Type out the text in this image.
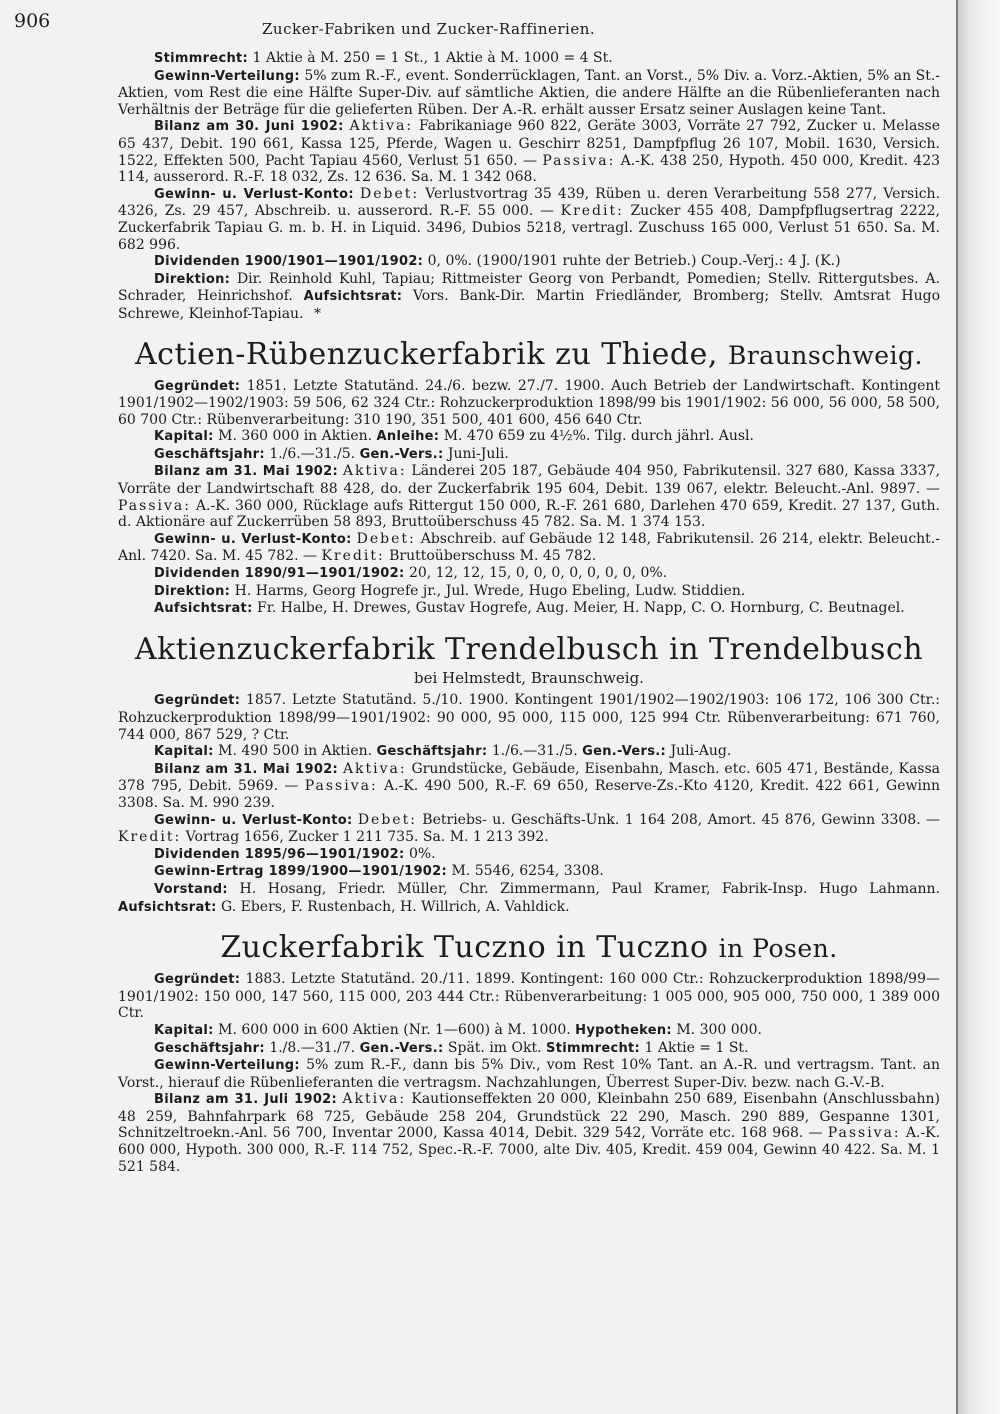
906	Zucker-Fabriken und Zucker-Raffinerien.

Stimmrecht: 1 Aktie à M. 250 = 1 St., 1 Aktie à M. 1000 = 4 St.

Gewinn-Verteilung: 5% zum R.-F., event. Sonderrücklagen, Tant. an Vorst., 5% Div. a. Vorz.-Aktien, 5% an St.-Aktien, vom Rest die eine Hälfte Super-Div. auf sämtliche Aktien, die andere Hälfte an die Rübenlieferanten nach Verhältnis der Beträge für die gelieferten Rüben. Der A.-R. erhält ausser Ersatz seiner Auslagen keine Tant.

Bilanz am 30. Juni 1902: Aktiva: Fabrikaniage 960 822, Geräte 3003, Vorräte 27 792, Zucker u. Melasse 65 437, Debit. 190 661, Kassa 125, Pferde, Wagen u. Geschirr 8251, Dampfpflug 26 107, Mobil. 1630, Versich. 1522, Effekten 500, Pacht Tapiau 4560, Verlust 51 650. — Passiva: A.-K. 438 250, Hypoth. 450 000, Kredit. 423 114, ausserord. R.-F. 18 032, Zs. 12 636. Sa. M. 1 342 068.

Gewinn- u. Verlust-Konto: Debet: Verlustvortrag 35 439, Rüben u. deren Verarbeitung 558 277, Versich. 4326, Zs. 29 457, Abschreib. u. ausserord. R.-F. 55 000. — Kredit: Zucker 455 408, Dampfpflugsertrag 2222, Zuckerfabrik Tapiau G. m. b. H. in Liquid. 3496, Dubios 5218, vertragl. Zuschuss 165 000, Verlust 51 650. Sa. M. 682 996.

Dividenden 1900/1901—1901/1902: 0, 0%. (1900/1901 ruhte der Betrieb.) Coup.-Verj.: 4 J. (K.)

Direktion: Dir. Reinhold Kuhl, Tapiau; Rittmeister Georg von Perbandt, Pomedien; Stellv. Rittergutsbes. A. Schrader, Heinrichshof. Aufsichtsrat: Vors. Bank-Dir. Martin Friedländer, Bromberg; Stellv. Amtsrat Hugo Schrewe, Kleinhof-Tapiau. *

Actien-Rübenzuckerfabrik zu Thiede, Braunschweig.

Gegründet: 1851. Letzte Statutänd. 24./6. bezw. 27./7. 1900. Auch Betrieb der Landwirtschaft. Kontingent 1901/1902—1902/1903: 59 506, 62 324 Ctr.: Rohzuckerproduktion 1898/99 bis 1901/1902: 56 000, 56 000, 58 500, 60 700 Ctr.: Rübenverarbeitung: 310 190, 351 500, 401 600, 456 640 Ctr.

Kapital: M. 360 000 in Aktien. Anleihe: M. 470 659 zu 4½%. Tilg. durch jährl. Ausl.

Geschäftsjahr: 1./6.—31./5. Gen.-Vers.: Juni-Juli.

Bilanz am 31. Mai 1902: Aktiva: Länderei 205 187, Gebäude 404 950, Fabrikutensil. 327 680, Kassa 3337, Vorräte der Landwirtschaft 88 428, do. der Zuckerfabrik 195 604, Debit. 139 067, elektr. Beleucht.-Anl. 9897. — Passiva: A.-K. 360 000, Rücklage aufs Rittergut 150 000, R.-F. 261 680, Darlehen 470 659, Kredit. 27 137, Guth. d. Aktionäre auf Zuckerrüben 58 893, Bruttoüberschuss 45 782. Sa. M. 1 374 153.

Gewinn- u. Verlust-Konto: Debet: Abschreib. auf Gebäude 12 148, Fabrikutensil. 26 214, elektr. Beleucht.-Anl. 7420. Sa. M. 45 782. — Kredit: Bruttoüberschuss M. 45 782.

Dividenden 1890/91—1901/1902: 20, 12, 12, 15, 0, 0, 0, 0, 0, 0, 0, 0%.

Direktion: H. Harms, Georg Hogrefe jr., Jul. Wrede, Hugo Ebeling, Ludw. Stiddien.

Aufsichtsrat: Fr. Halbe, H. Drewes, Gustav Hogrefe, Aug. Meier, H. Napp, C. O. Hornburg, C. Beutnagel.

Aktienzuckerfabrik Trendelbusch in Trendelbusch
bei Helmstedt, Braunschweig.

Gegründet: 1857. Letzte Statutänd. 5./10. 1900. Kontingent 1901/1902—1902/1903: 106 172, 106 300 Ctr.: Rohzuckerproduktion 1898/99—1901/1902: 90 000, 95 000, 115 000, 125 994 Ctr. Rübenverarbeitung: 671 760, 744 000, 867 529, ? Ctr.

Kapital: M. 490 500 in Aktien. Geschäftsjahr: 1./6.—31./5. Gen.-Vers.: Juli-Aug.

Bilanz am 31. Mai 1902: Aktiva: Grundstücke, Gebäude, Eisenbahn, Masch. etc. 605 471, Bestände, Kassa 378 795, Debit. 5969. — Passiva: A.-K. 490 500, R.-F. 69 650, Reserve-Zs.-Kto 4120, Kredit. 422 661, Gewinn 3308. Sa. M. 990 239.

Gewinn- u. Verlust-Konto: Debet: Betriebs- u. Geschäfts-Unk. 1 164 208, Amort. 45 876, Gewinn 3308. — Kredit: Vortrag 1656, Zucker 1 211 735. Sa. M. 1 213 392.

Dividenden 1895/96—1901/1902: 0%.

Gewinn-Ertrag 1899/1900—1901/1902: M. 5546, 6254, 3308.

Vorstand: H. Hosang, Friedr. Müller, Chr. Zimmermann, Paul Kramer, Fabrik-Insp. Hugo Lahmann. Aufsichtsrat: G. Ebers, F. Rustenbach, H. Willrich, A. Vahldick.

Zuckerfabrik Tuczno in Tuczno in Posen.

Gegründet: 1883. Letzte Statutänd. 20./11. 1899. Kontingent: 160 000 Ctr.: Rohzuckerproduktion 1898/99—1901/1902: 150 000, 147 560, 115 000, 203 444 Ctr.: Rübenverarbeitung: 1 005 000, 905 000, 750 000, 1 389 000 Ctr.

Kapital: M. 600 000 in 600 Aktien (Nr. 1—600) à M. 1000. Hypotheken: M. 300 000.

Geschäftsjahr: 1./8.—31./7. Gen.-Vers.: Spät. im Okt. Stimmrecht: 1 Aktie = 1 St.

Gewinn-Verteilung: 5% zum R.-F., dann bis 5% Div., vom Rest 10% Tant. an A.-R. und vertragsm. Tant. an Vorst., hierauf die Rübenlieferanten die vertragsm. Nachzahlungen, Überrest Super-Div. bezw. nach G.-V.-B.

Bilanz am 31. Juli 1902: Aktiva: Kautionseffekten 20 000, Kleinbahn 250 689, Eisenbahn (Anschlussbahn) 48 259, Bahnfahrpark 68 725, Gebäude 258 204, Grundstück 22 290, Masch. 290 889, Gespanne 1301, Schnitzeltroekn.-Anl. 56 700, Inventar 2000, Kassa 4014, Debit. 329 542, Vorräte etc. 168 968. — Passiva: A.-K. 600 000, Hypoth. 300 000, R.-F. 114 752, Spec.-R.-F. 7000, alte Div. 405, Kredit. 459 004, Gewinn 40 422. Sa. M. 1 521 584.
